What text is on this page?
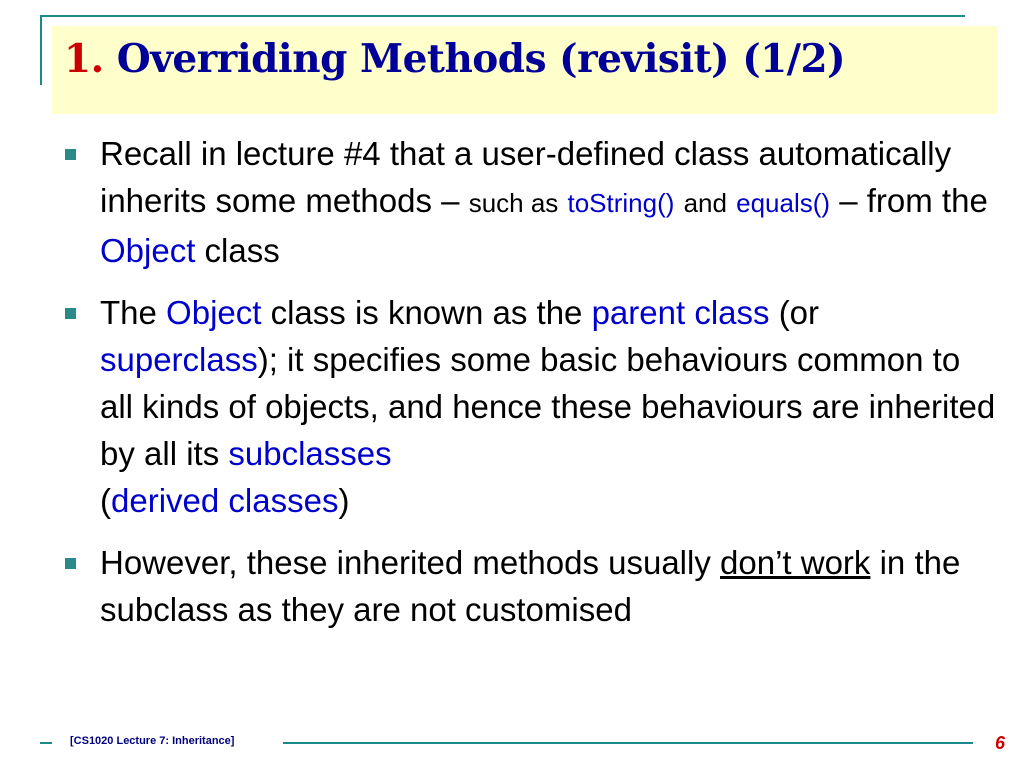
1. Overriding Methods (revisit) (1/2)
Recall in lecture #4 that a user-defined class automatically inherits some methods – such as toString() and equals() – from the Object class
The Object class is known as the parent class (or superclass); it specifies some basic behaviours common to all kinds of objects, and hence these behaviours are inherited by all its subclasses
(derived classes)
However, these inherited methods usually don’t work in the subclass as they are not customised
[CS1020 Lecture 7: Inheritance]	6
